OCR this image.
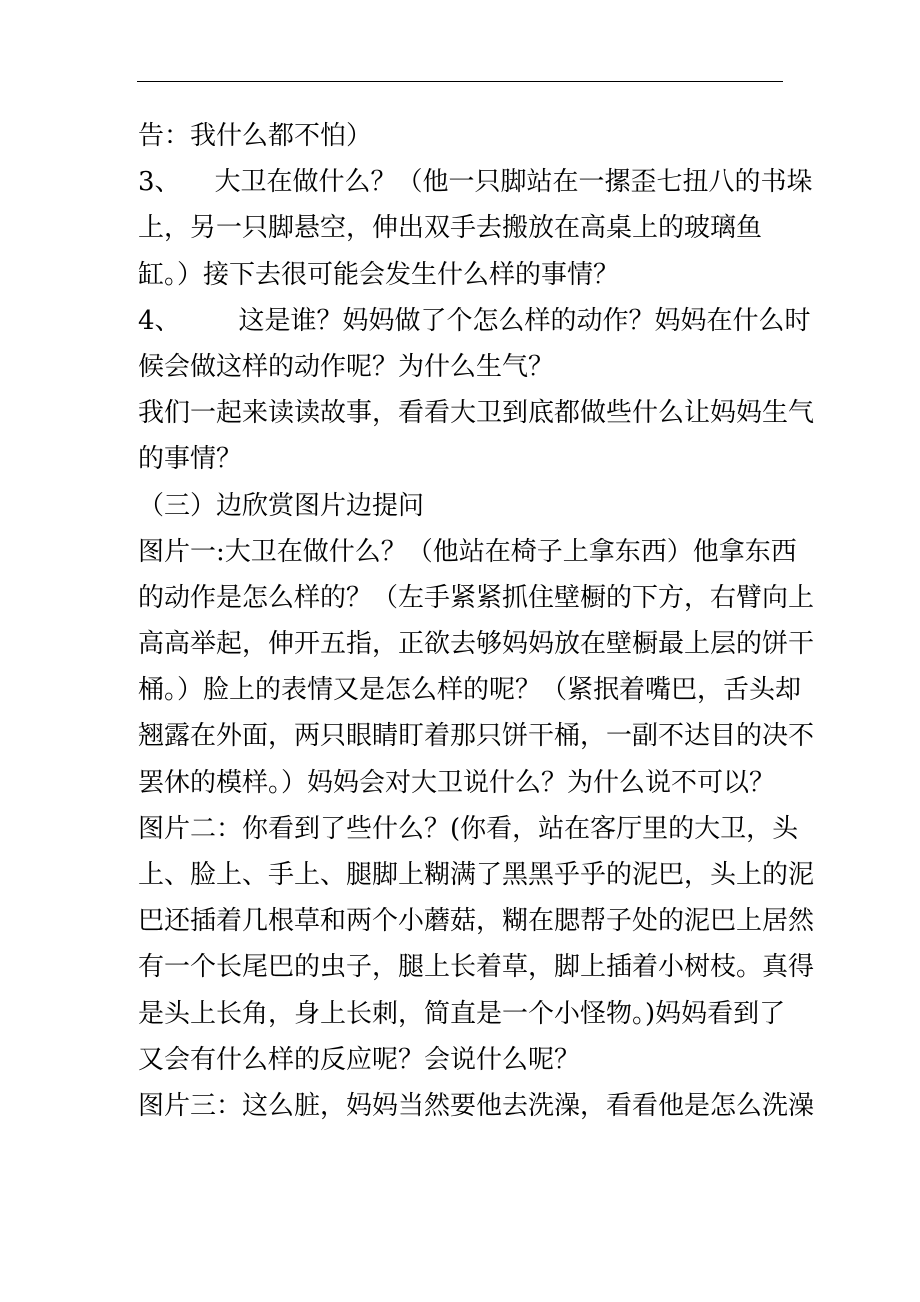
告：我什么都不怕）
3、 大卫在做什么？（他一只脚站在一摞歪七扭八的书垛
上，另一只脚悬空，伸出双手去搬放在高桌上的玻璃鱼
缸。）接下去很可能会发生什么样的事情？
4、 这是谁？妈妈做了个怎么样的动作？妈妈在什么时
候会做这样的动作呢？为什么生气？
我们一起来读读故事，看看大卫到底都做些什么让妈妈生气
的事情？
（三）边欣赏图片边提问
图片一:大卫在做什么？（他站在椅子上拿东西）他拿东西
的动作是怎么样的？（左手紧紧抓住壁橱的下方，右臂向上
高高举起，伸开五指，正欲去够妈妈放在壁橱最上层的饼干
桶。）脸上的表情又是怎么样的呢？（紧抿着嘴巴，舌头却
翘露在外面，两只眼睛盯着那只饼干桶，一副不达目的决不
罢休的模样。）妈妈会对大卫说什么？为什么说不可以？
图片二：你看到了些什么？(你看，站在客厅里的大卫，头
上、脸上、手上、腿脚上糊满了黑黑乎乎的泥巴，头上的泥
巴还插着几根草和两个小蘑菇，糊在腮帮子处的泥巴上居然
有一个长尾巴的虫子，腿上长着草，脚上插着小树枝。真得
是头上长角，身上长刺，简直是一个小怪物。)妈妈看到了
又会有什么样的反应呢？会说什么呢？
图片三：这么脏，妈妈当然要他去洗澡，看看他是怎么洗澡
